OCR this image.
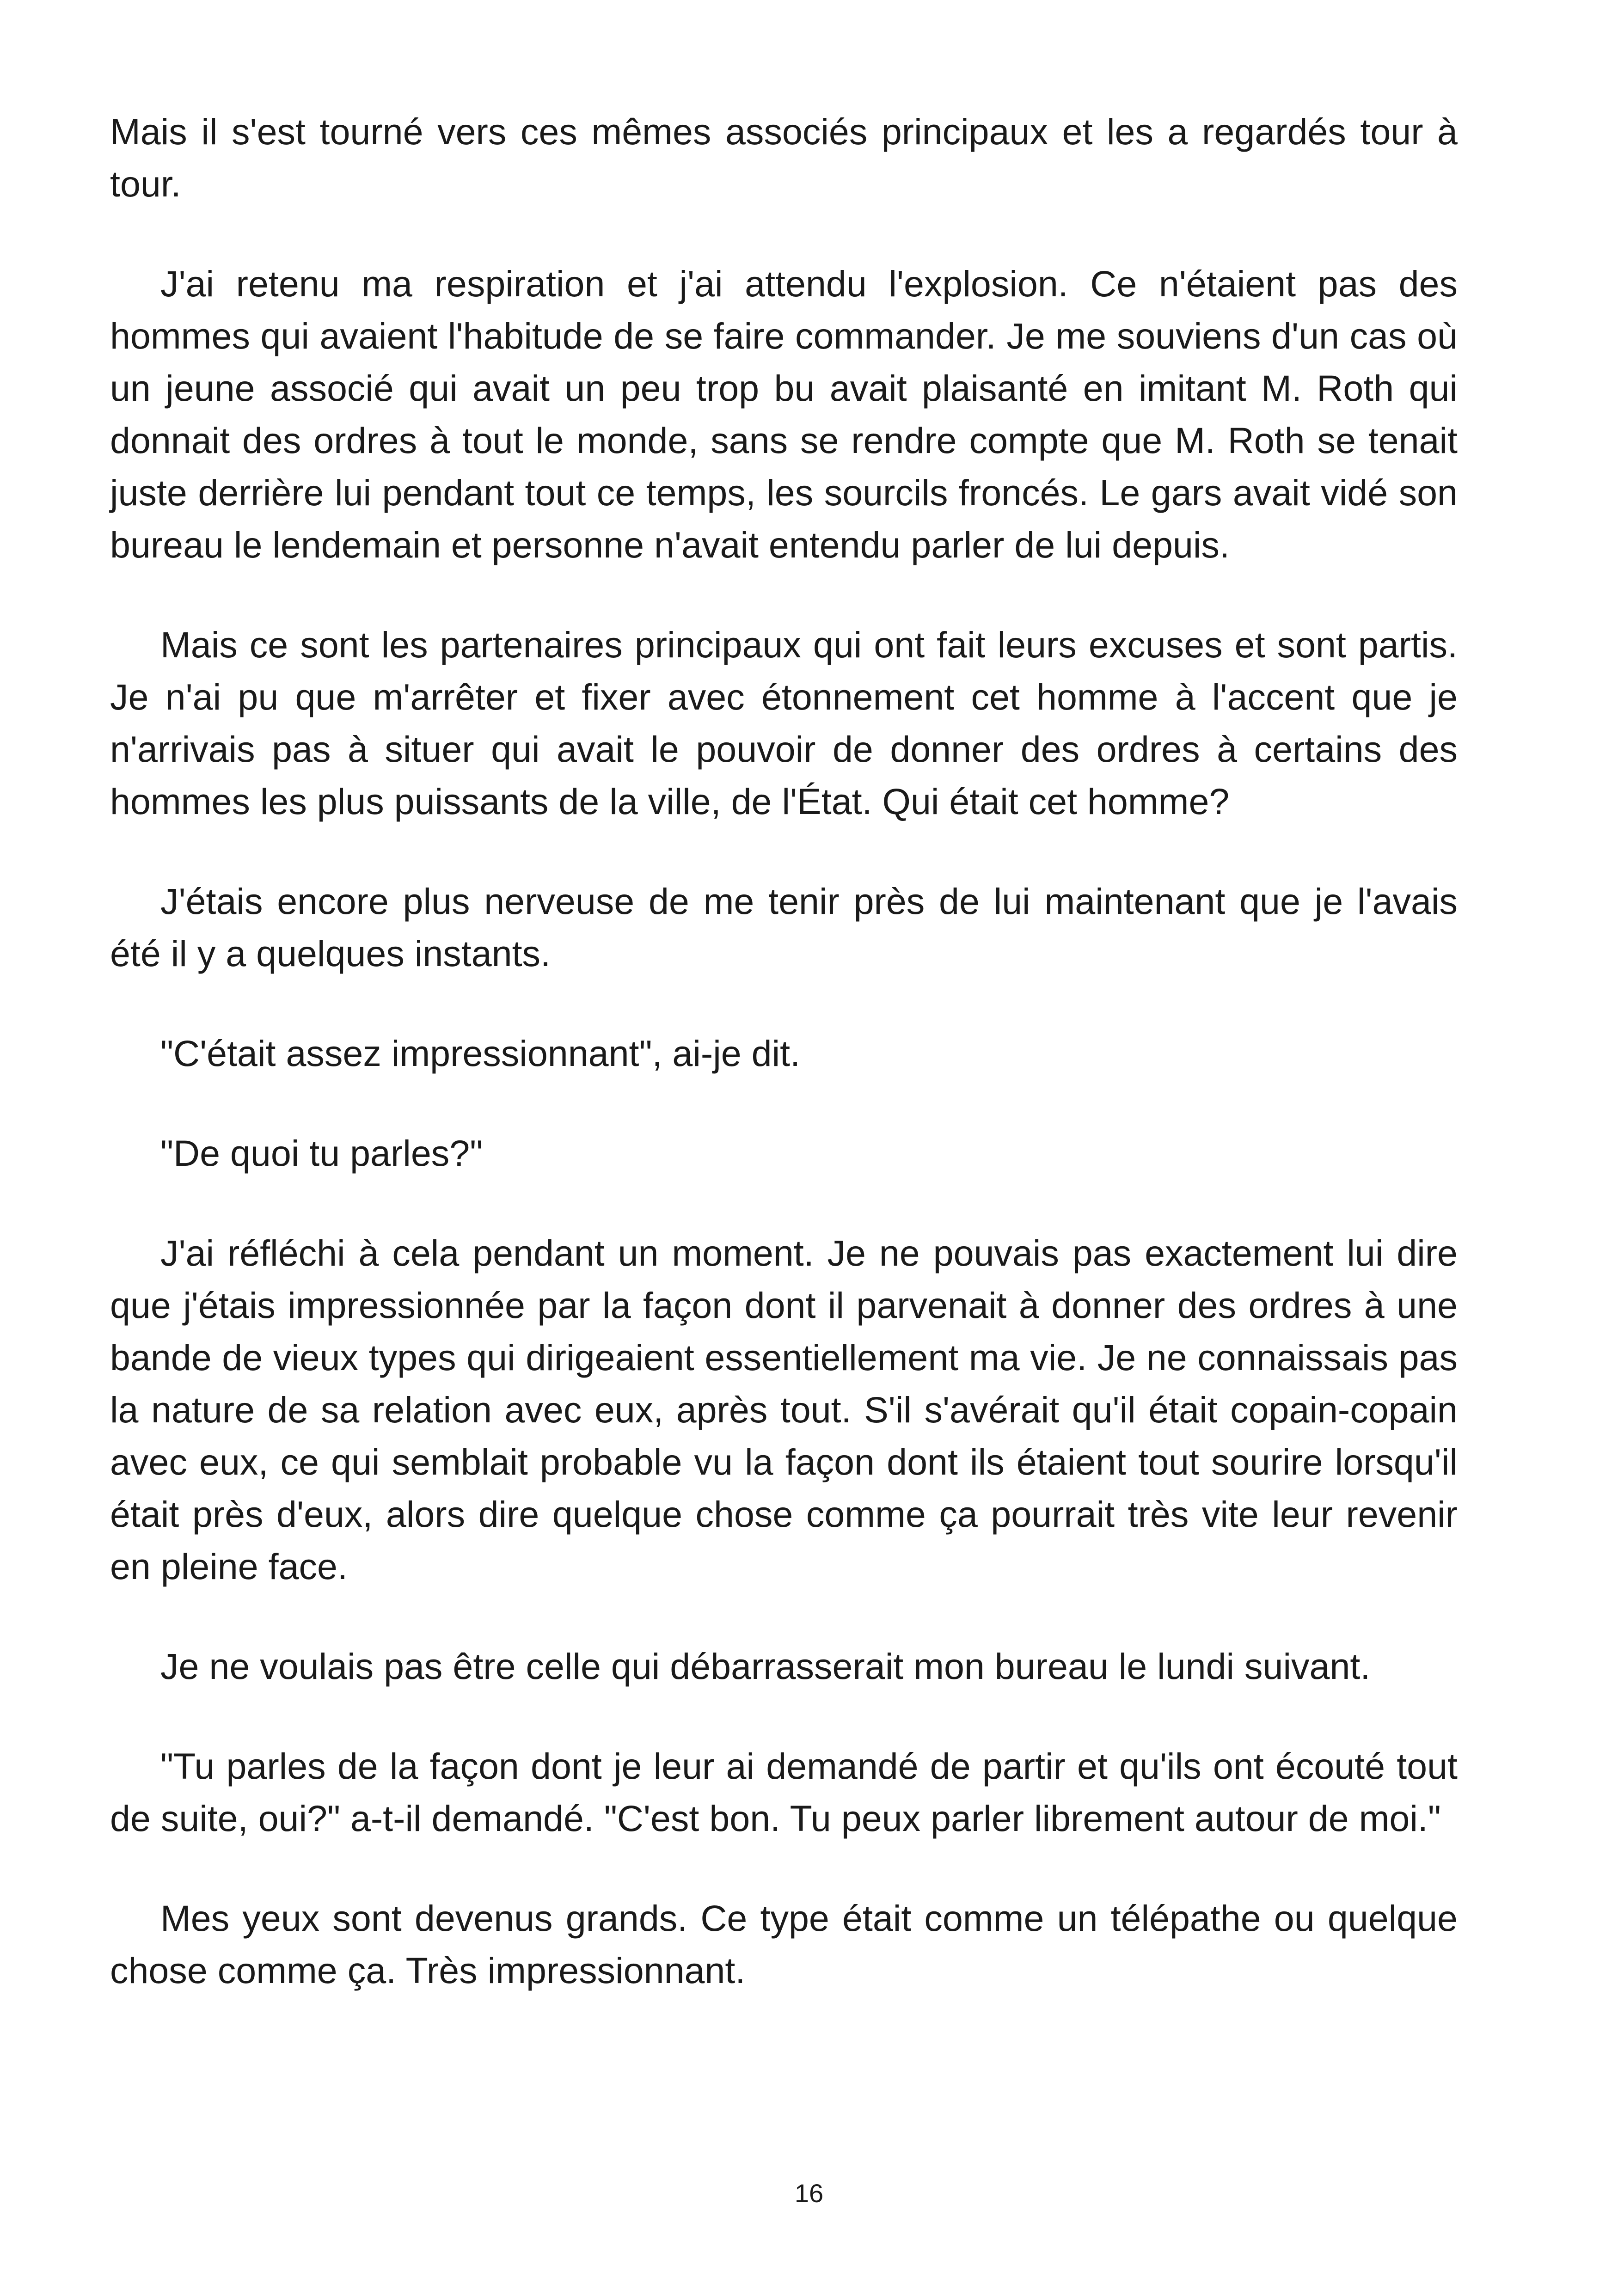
Mais il s'est tourné vers ces mêmes associés principaux et les a regardés tour à tour.

J'ai retenu ma respiration et j'ai attendu l'explosion. Ce n'étaient pas des hommes qui avaient l'habitude de se faire commander. Je me souviens d'un cas où un jeune associé qui avait un peu trop bu avait plaisanté en imitant M. Roth qui donnait des ordres à tout le monde, sans se rendre compte que M. Roth se tenait juste derrière lui pendant tout ce temps, les sourcils froncés. Le gars avait vidé son bureau le lendemain et personne n'avait entendu parler de lui depuis.

Mais ce sont les partenaires principaux qui ont fait leurs excuses et sont partis. Je n'ai pu que m'arrêter et fixer avec étonnement cet homme à l'accent que je n'arrivais pas à situer qui avait le pouvoir de donner des ordres à certains des hommes les plus puissants de la ville, de l'État. Qui était cet homme?

J'étais encore plus nerveuse de me tenir près de lui maintenant que je l'avais été il y a quelques instants.

"C'était assez impressionnant", ai-je dit.

"De quoi tu parles?"

J'ai réfléchi à cela pendant un moment. Je ne pouvais pas exactement lui dire que j'étais impressionnée par la façon dont il parvenait à donner des ordres à une bande de vieux types qui dirigeaient essentiellement ma vie. Je ne connaissais pas la nature de sa relation avec eux, après tout. S'il s'avérait qu'il était copain-copain avec eux, ce qui semblait probable vu la façon dont ils étaient tout sourire lorsqu'il était près d'eux, alors dire quelque chose comme ça pourrait très vite leur revenir en pleine face.

Je ne voulais pas être celle qui débarrasserait mon bureau le lundi suivant.

"Tu parles de la façon dont je leur ai demandé de partir et qu'ils ont écouté tout de suite, oui?" a-t-il demandé. "C'est bon. Tu peux parler librement autour de moi."

Mes yeux sont devenus grands. Ce type était comme un télépathe ou quelque chose comme ça. Très impressionnant.

16
